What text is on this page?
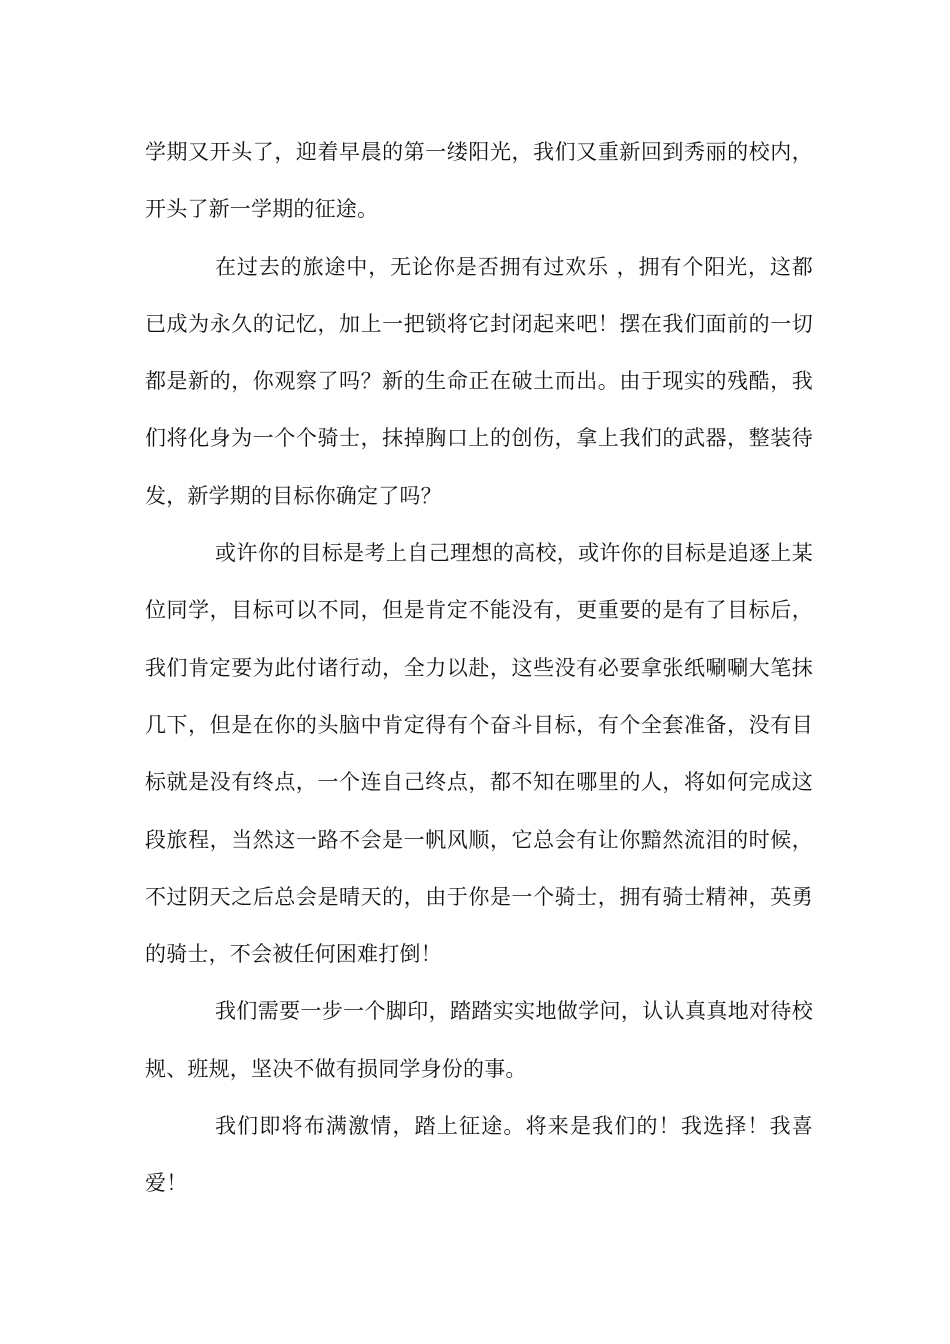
学期又开头了，迎着早晨的第一缕阳光，我们又重新回到秀丽的校内，开头了新一学期的征途。

在过去的旅途中，无论你是否拥有过欢乐 ，拥有个阳光，这都已成为永久的记忆，加上一把锁将它封闭起来吧！摆在我们面前的一切都是新的，你观察了吗？新的生命正在破土而出。由于现实的残酷，我们将化身为一个个骑士，抹掉胸口上的创伤，拿上我们的武器，整装待发，新学期的目标你确定了吗？

或许你的目标是考上自己理想的高校，或许你的目标是追逐上某位同学，目标可以不同，但是肯定不能没有，更重要的是有了目标后，我们肯定要为此付诸行动，全力以赴，这些没有必要拿张纸唰唰大笔抹几下，但是在你的头脑中肯定得有个奋斗目标，有个全套准备，没有目标就是没有终点，一个连自己终点，都不知在哪里的人，将如何完成这段旅程，当然这一路不会是一帆风顺，它总会有让你黯然流泪的时候，不过阴天之后总会是晴天的，由于你是一个骑士，拥有骑士精神，英勇的骑士，不会被任何困难打倒！

我们需要一步一个脚印，踏踏实实地做学问，认认真真地对待校规、班规，坚决不做有损同学身份的事。

我们即将布满激情，踏上征途。将来是我们的！我选择！我喜爱！
